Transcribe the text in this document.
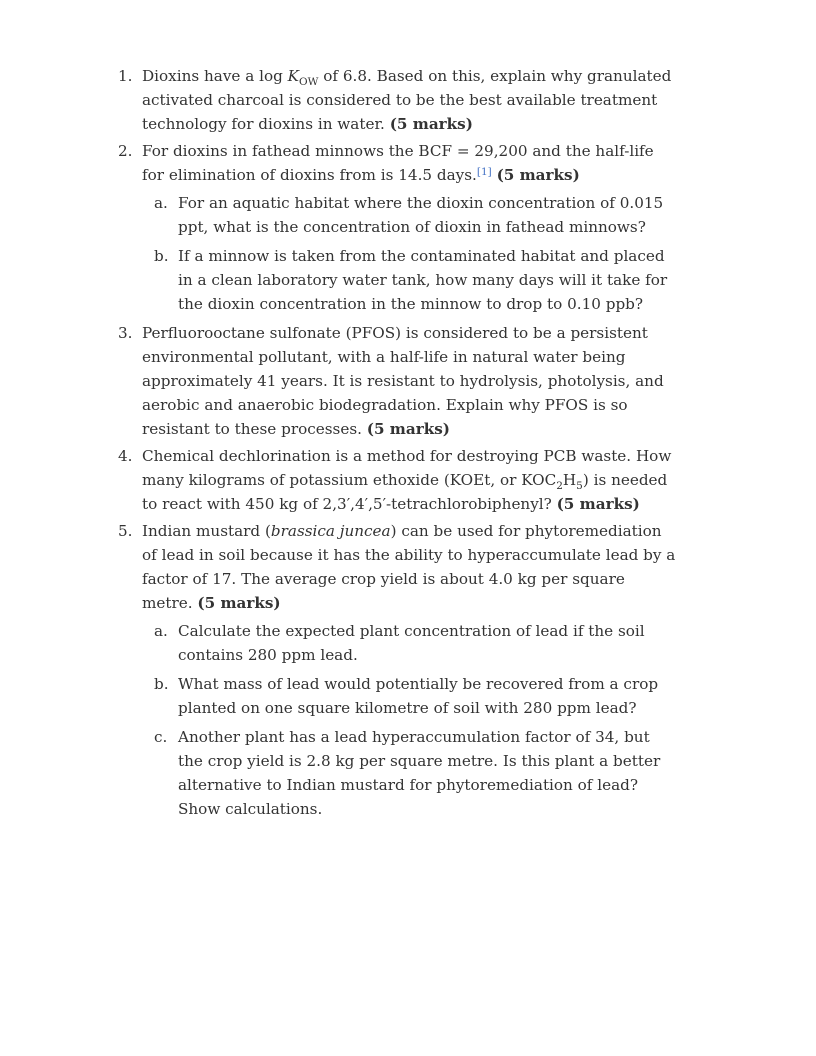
1. Dioxins have a $\log K_{OW}$ of 6.8. Based on this, explain why granulated activated charcoal is considered to be the best available treatment technology for dioxins in water. (5 marks)

2. For dioxins in fathead minnows the BCF = 29,200 and the half-life for elimination of dioxins from is 14.5 days.[1] (5 marks)

a. For an aquatic habitat where the dioxin concentration of 0.015 ppt, what is the concentration of dioxin in fathead minnows?
b. If a minnow is taken from the contaminated habitat and placed in a clean laboratory water tank, how many days will it take for the dioxin concentration in the minnow to drop to 0.10 ppb?
3. Perfluorooctane sulfonate (PFOS) is considered to be a persistent environmental pollutant, with a half-life in natural water being approximately 41 years. It is resistant to hydrolysis, photolysis, and aerobic and anaerobic biodegradation. Explain why PFOS is so resistant to these processes. (5 marks)

4. Chemical dechlorination is a method for destroying PCB waste. How many kilograms of potassium ethoxide (KOEt, or $KOC_2H_5$) is needed to react with 450 kg of 2,3′,4′,5′-tetrachlorobiphenyl? (5 marks)

5. Indian mustard (brassica juncea) can be used for phytoremediation of lead in soil because it has the ability to hyperaccumulate lead by a factor of 17. The average crop yield is about 4.0 kg per square metre. (5 marks)

a. Calculate the expected plant concentration of lead if the soil contains 280 ppm lead.
b. What mass of lead would potentially be recovered from a crop planted on one square kilometre of soil with 280 ppm lead?
c. Another plant has a lead hyperaccumulation factor of 34, but the crop yield is 2.8 kg per square metre. Is this plant a better alternative to Indian mustard for phytoremediation of lead? Show calculations.
